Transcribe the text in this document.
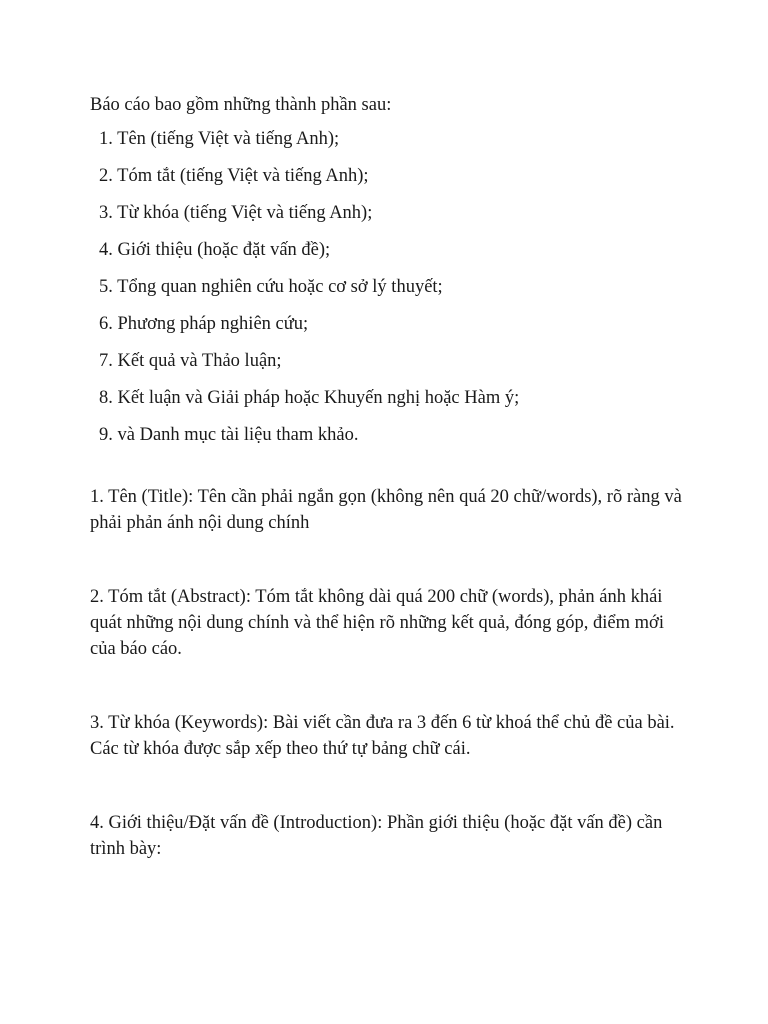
Báo cáo bao gồm những thành phần sau:

1. Tên (tiếng Việt và tiếng Anh);
2. Tóm tắt (tiếng Việt và tiếng Anh);
3. Từ khóa (tiếng Việt và tiếng Anh);
4. Giới thiệu (hoặc đặt vấn đề);
5. Tổng quan nghiên cứu hoặc cơ sở lý thuyết;
6. Phương pháp nghiên cứu;
7. Kết quả và Thảo luận;
8. Kết luận và Giải pháp hoặc Khuyến nghị hoặc Hàm ý;
9. và Danh mục tài liệu tham khảo.

1. Tên (Title): Tên cần phải ngắn gọn (không nên quá 20 chữ/words), rõ ràng và phải phản ánh nội dung chính

2. Tóm tắt (Abstract): Tóm tắt không dài quá 200 chữ (words), phản ánh khái quát những nội dung chính và thể hiện rõ những kết quả, đóng góp, điểm mới của báo cáo.

3. Từ khóa (Keywords): Bài viết cần đưa ra 3 đến 6 từ khoá thể chủ đề của bài. Các từ khóa được sắp xếp theo thứ tự bảng chữ cái.

4. Giới thiệu/Đặt vấn đề (Introduction): Phần giới thiệu (hoặc đặt vấn đề) cần trình bày:
